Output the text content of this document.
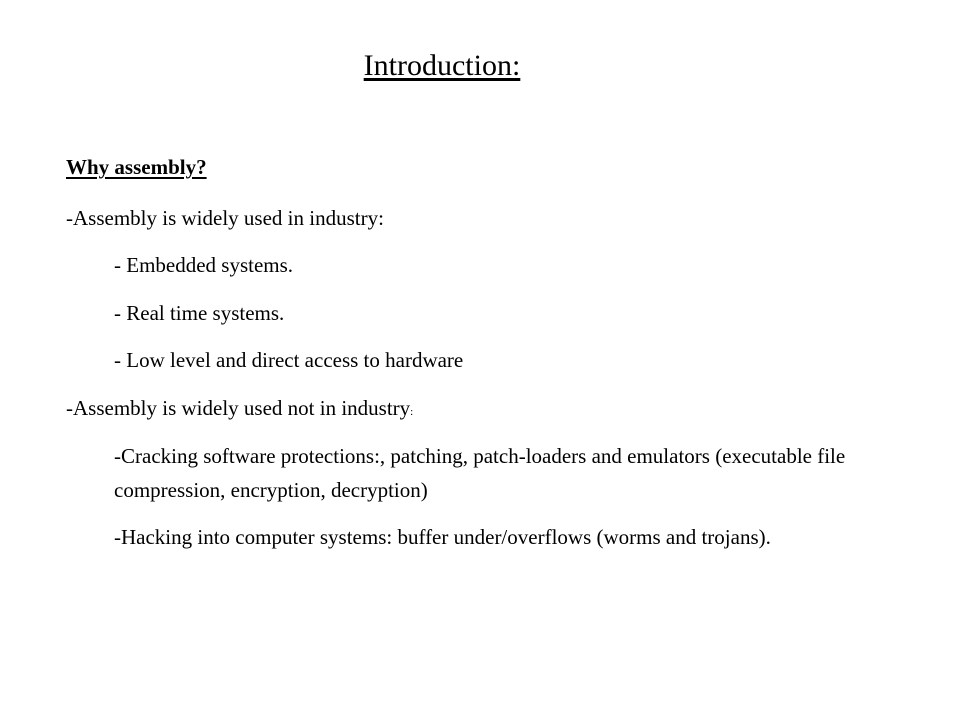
Introduction:
Why assembly?
-Assembly is widely used in industry:
- Embedded systems.
- Real time systems.
- Low level and direct access to hardware
-Assembly is widely used not in industry:
-Cracking software protections:, patching, patch-loaders and emulators (executable file compression, encryption, decryption)
-Hacking into computer systems: buffer under/overflows (worms and trojans).
